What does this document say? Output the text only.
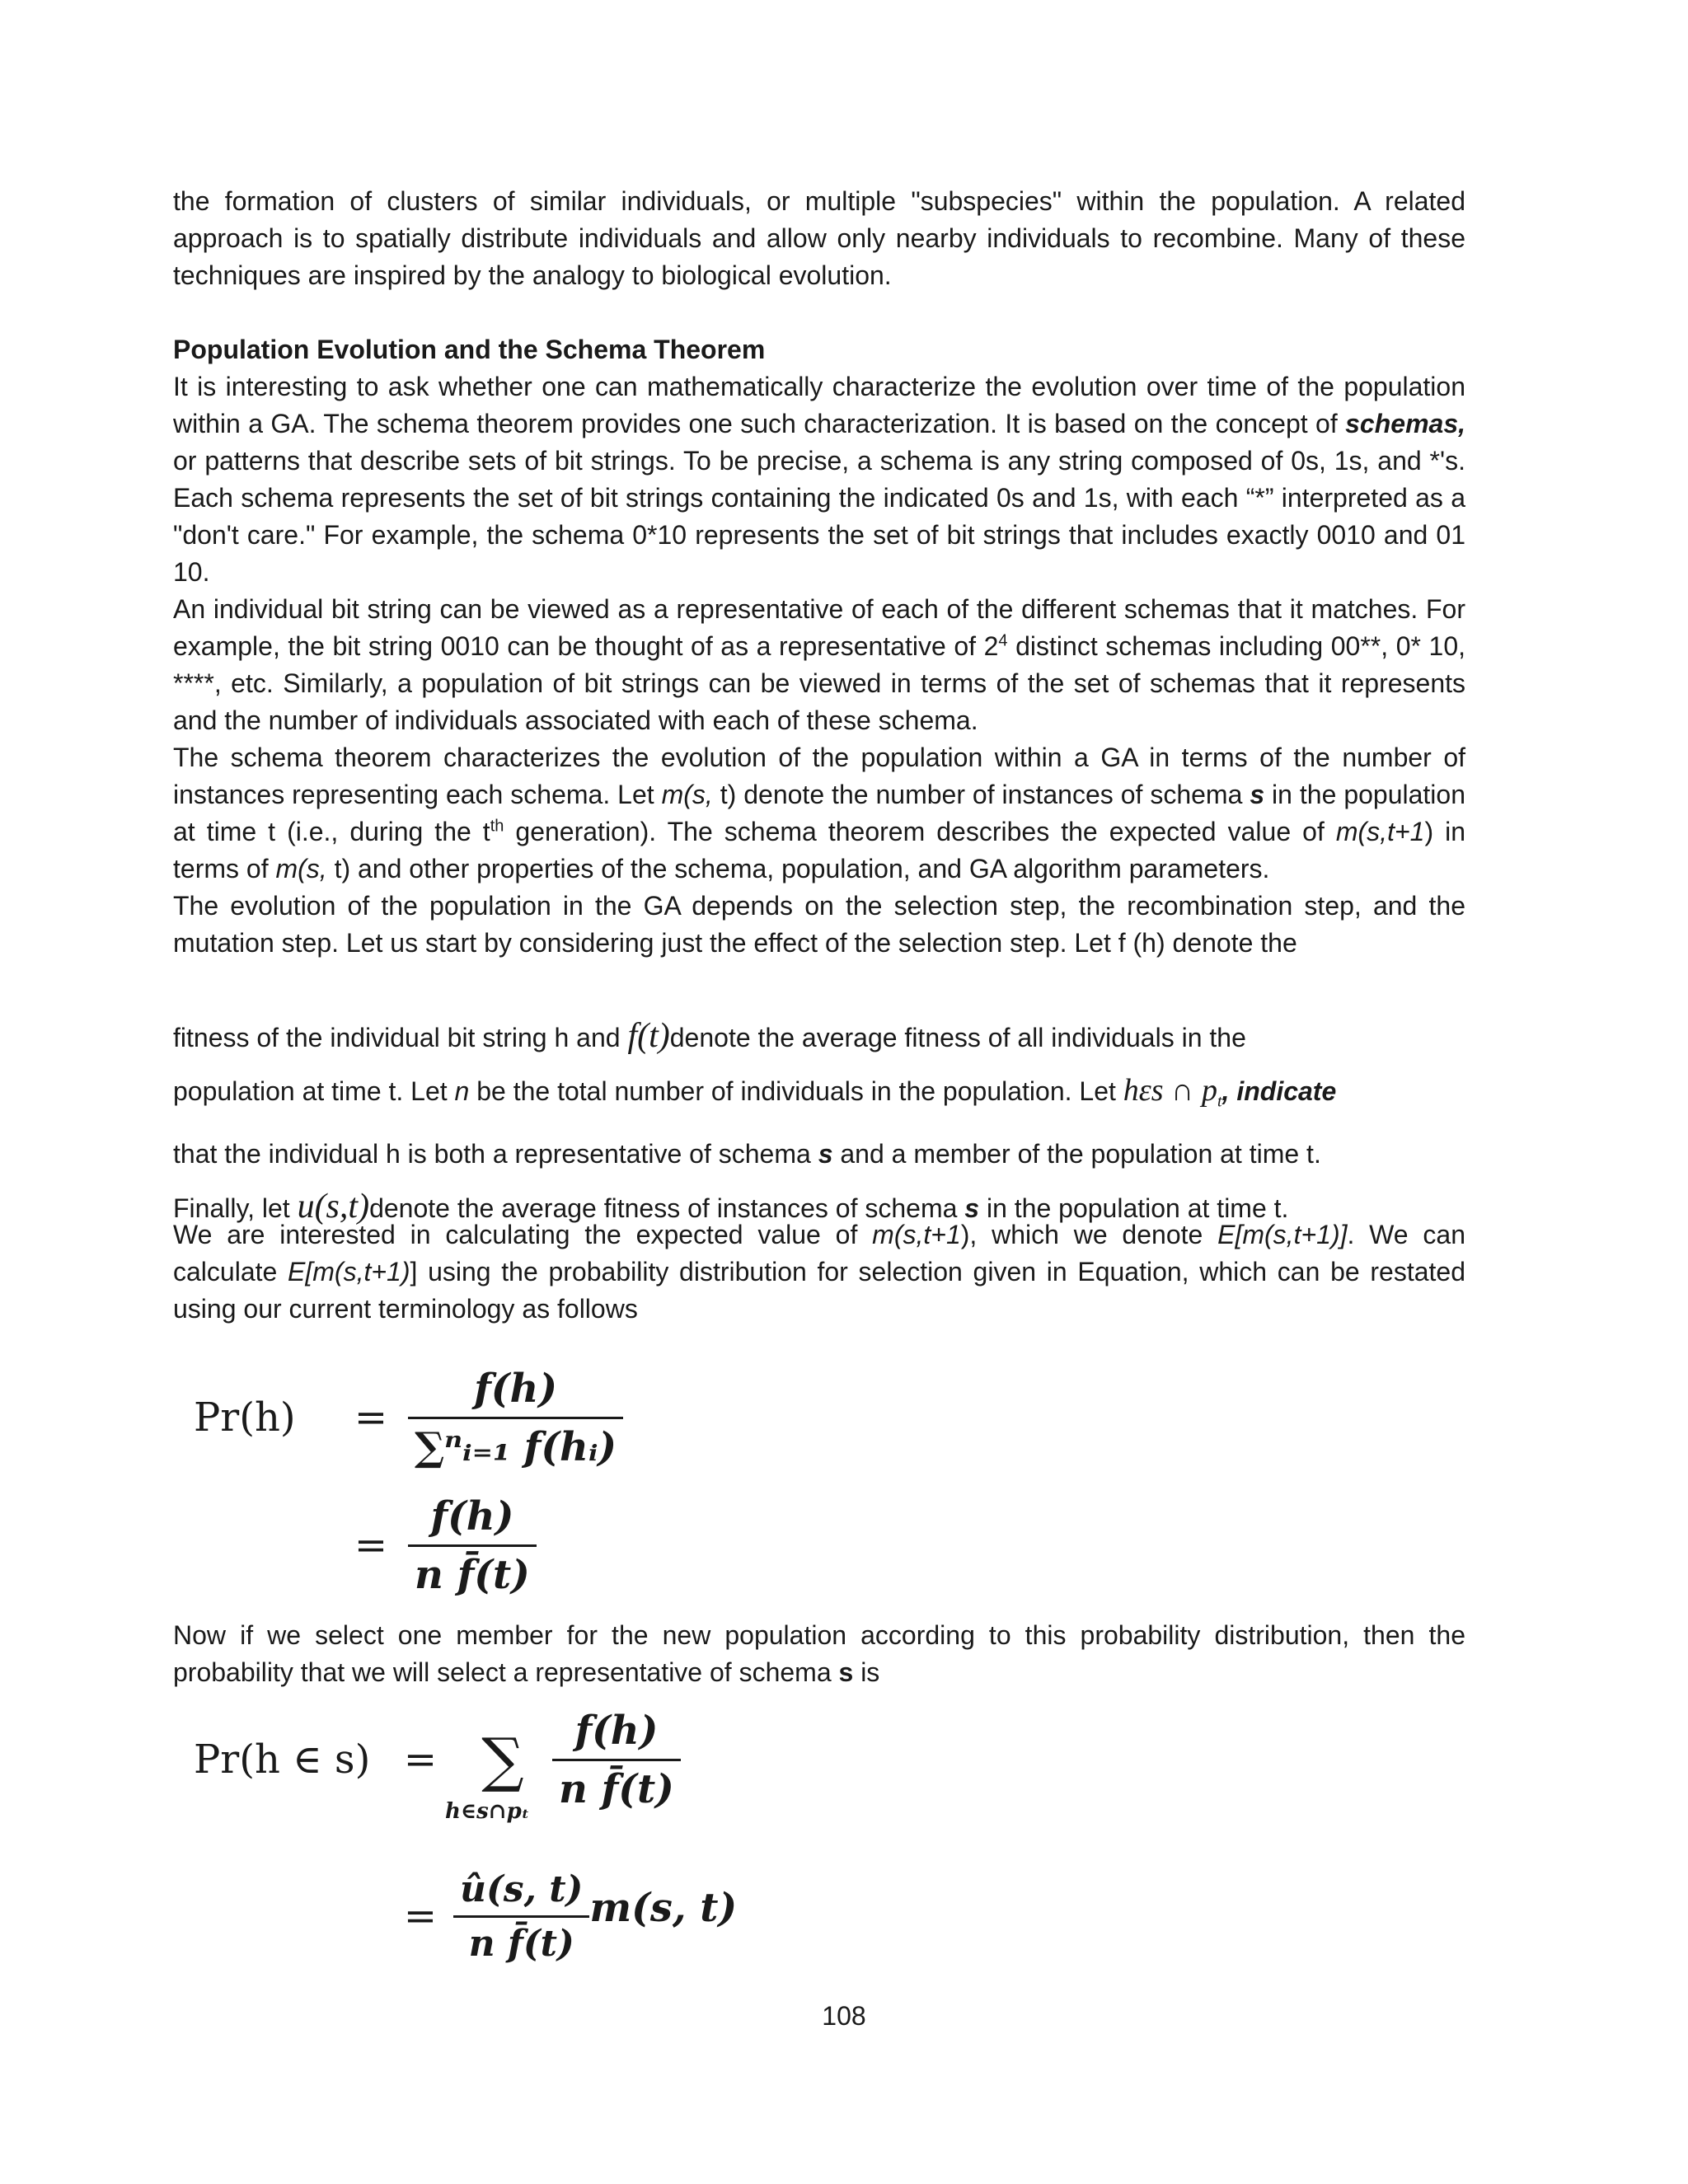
the formation of clusters of similar individuals, or multiple "subspecies" within the population. A related approach is to spatially distribute individuals and allow only nearby individuals to recombine. Many of these techniques are inspired by the analogy to biological evolution.

Population Evolution and the Schema Theorem

It is interesting to ask whether one can mathematically characterize the evolution over time of the population within a GA. The schema theorem provides one such characterization. It is based on the concept of schemas, or patterns that describe sets of bit strings. To be precise, a schema is any string composed of 0s, 1s, and *'s. Each schema represents the set of bit strings containing the indicated 0s and 1s, with each “*” interpreted as a "don't care." For example, the schema 0*10 represents the set of bit strings that includes exactly 0010 and 01 10.

An individual bit string can be viewed as a representative of each of the different schemas that it matches. For example, the bit string 0010 can be thought of as a representative of $2^4$ distinct schemas including 00**, 0* 10, ****, etc. Similarly, a population of bit strings can be viewed in terms of the set of schemas that it represents and the number of individuals associated with each of these schema.

The schema theorem characterizes the evolution of the population within a GA in terms of the number of instances representing each schema. Let m(s, t) denote the number of instances of schema s in the population at time t (i.e., during the $t^{th}$ generation). The schema theorem describes the expected value of m(s,t+1) in terms of m(s, t) and other properties of the schema, population, and GA algorithm parameters.

The evolution of the population in the GA depends on the selection step, the recombination step, and the mutation step. Let us start by considering just the effect of the selection step. Let f (h) denote the

fitness of the individual bit string h and f(t)denote the average fitness of all individuals in the

population at time t. Let n be the total number of individuals in the population. Let hεs ∩ $p_t$, indicate

that the individual h is both a representative of schema s and a member of the population at time t.

Finally, let u(s,t)denote the average fitness of instances of schema s in the population at time t.

We are interested in calculating the expected value of m(s,t+1), which we denote E[m(s,t+1)]. We can calculate E[m(s,t+1)] using the probability distribution for selection given in Equation, which can be restated using our current terminology as follows

Pr(h)	= $\frac{f(h)}{\text{∑ⁿᵢ₌₁ f(hᵢ)}}$
= $\frac{f(h)}{\text{n f̄(t)}}$

Now if we select one member for the new population according to this probability distribution, then the probability that we will select a representative of schema s is

Pr(h ∈ s) = ∑
h∈s∩pₜ $\frac{f(h)}{\text{n f̄(t)}}$
= $\frac{û(s, t)}{\text{n f̄(t)}} m(s$, t)
108
